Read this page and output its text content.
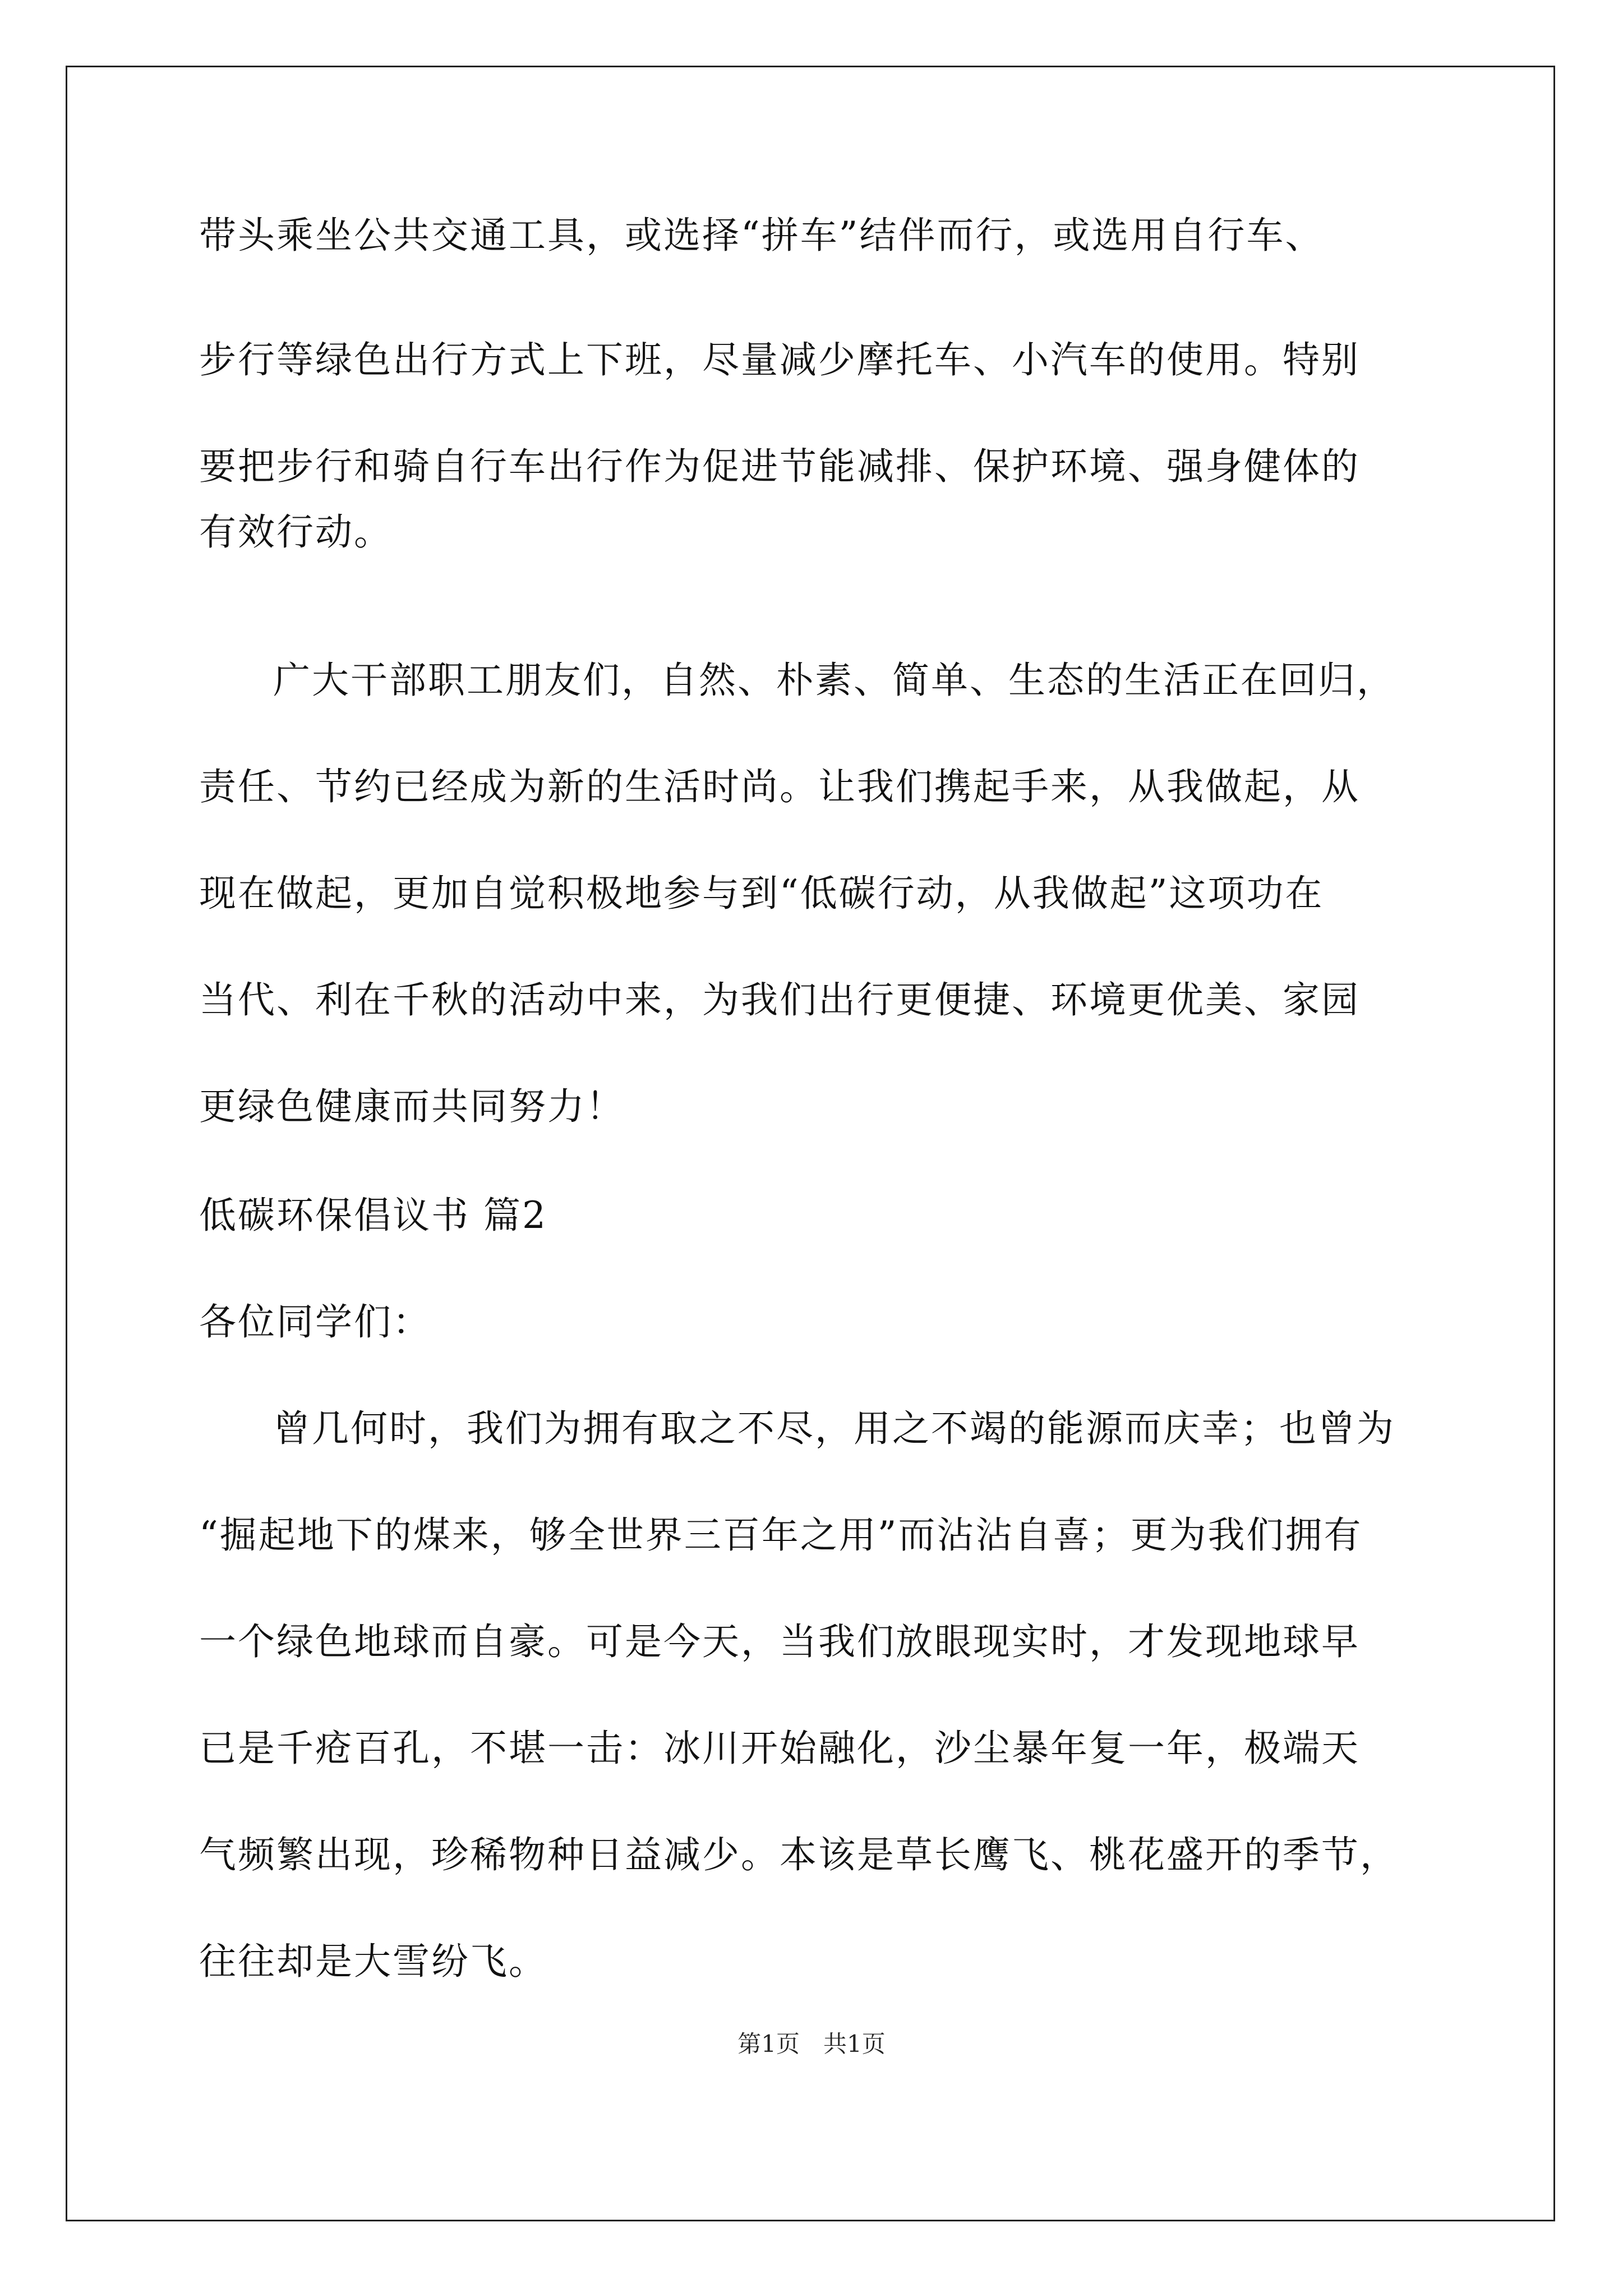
带头乘坐公共交通工具，或选择“拼车”结伴而行，或选用自行车、
步行等绿色出行方式上下班，尽量减少摩托车、小汽车的使用。特别
要把步行和骑自行车出行作为促进节能减排、保护环境、强身健体的
有效行动。
广大干部职工朋友们，自然、朴素、简单、生态的生活正在回归，
责任、节约已经成为新的生活时尚。让我们携起手来，从我做起，从
现在做起，更加自觉积极地参与到“低碳行动，从我做起”这项功在
当代、利在千秋的活动中来，为我们出行更便捷、环境更优美、家园
更绿色健康而共同努力！
低碳环保倡议书 篇2
各位同学们：
曾几何时，我们为拥有取之不尽，用之不竭的能源而庆幸；也曾为
“掘起地下的煤来，够全世界三百年之用”而沾沾自喜；更为我们拥有
一个绿色地球而自豪。可是今天，当我们放眼现实时，才发现地球早
已是千疮百孔，不堪一击：冰川开始融化，沙尘暴年复一年，极端天
气频繁出现，珍稀物种日益减少。本该是草长鹰飞、桃花盛开的季节，
往往却是大雪纷飞。
第1页　共1页
